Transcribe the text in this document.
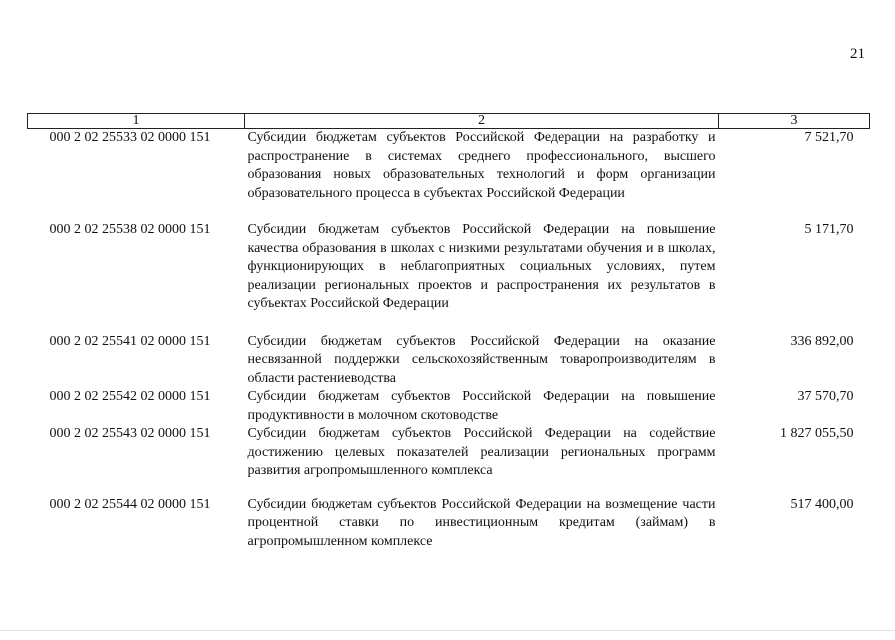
21
1	2	3
000 2 02 25533 02 0000 151	Субсидии бюджетам субъектов Российской Федерации на разработку и распространение в системах среднего профессионального, высшего образования новых образовательных технологий и форм организации образовательного процесса в субъектах Российской Федерации	7 521,70

000 2 02 25538 02 0000 151	Субсидии бюджетам субъектов Российской Федерации на повышение качества образования в школах с низкими результатами обучения и в школах, функционирующих в неблагоприятных социальных условиях, путем реализации региональных проектов и распространения их результатов в субъектах Российской Федерации	5 171,70

000 2 02 25541 02 0000 151	Субсидии бюджетам субъектов Российской Федерации на оказание несвязанной поддержки сельскохозяйственным товаропроизводителям в области растениеводства	336 892,00
000 2 02 25542 02 0000 151	Субсидии бюджетам субъектов Российской Федерации на повышение продуктивности в молочном скотоводстве	37 570,70
000 2 02 25543 02 0000 151	Субсидии бюджетам субъектов Российской Федерации на содействие достижению целевых показателей реализации региональных программ развития агропромышленного комплекса	1 827 055,50

000 2 02 25544 02 0000 151	Субсидии бюджетам субъектов Российской Федерации на возмещение части процентной ставки по инвестиционным кредитам (займам) в агропромышленном комплексе	517 400,00
